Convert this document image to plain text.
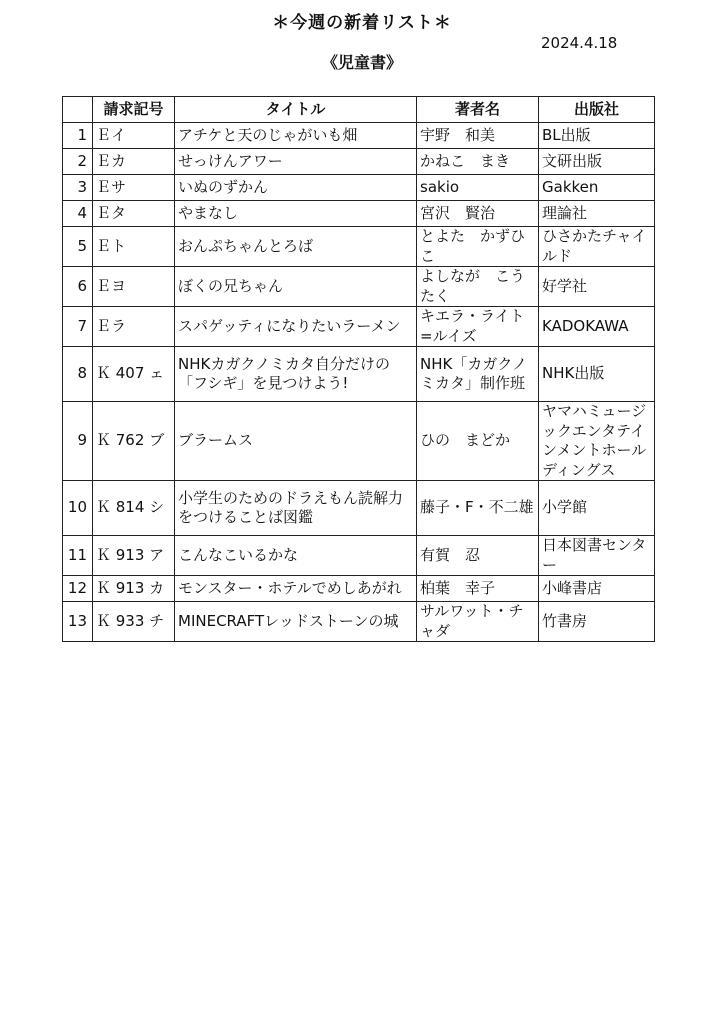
＊今週の新着リスト＊
2024.4.18
《児童書》
	請求記号	タイトル	著者名	出版社
1	Ｅイ	アチケと天のじゃがいも畑	宇野　和美	BL出版
2	Ｅカ	せっけんアワー	かねこ　まき	文研出版
3	Ｅサ	いぬのずかん	sakio	Gakken
4	Ｅタ	やまなし	宮沢　賢治	理論社
5	Ｅト	おんぷちゃんとろば	とよた　かずひこ	ひさかたチャイルド
6	Ｅヨ	ぼくの兄ちゃん	よしなが　こうたく	好学社
7	Ｅラ	スパゲッティになりたいラーメン	キエラ・ライト=ルイズ	KADOKAWA
8	Ｋ 407 ェ	NHKカガクノミカタ自分だけの「フシギ」を見つけよう!	NHK「カガクノミカタ」制作班	NHK出版
9	Ｋ 762 ブ	ブラームス	ひの　まどか	ヤマハミュージックエンタテインメントホールディングス
10	Ｋ 814 シ	小学生のためのドラえもん読解力をつけることば図鑑	藤子・F・不二雄	小学館
11	Ｋ 913 ア	こんなこいるかな	有賀　忍	日本図書センター
12	Ｋ 913 カ	モンスター・ホテルでめしあがれ	柏葉　幸子	小峰書店
13	Ｋ 933 チ	MINECRAFTレッドストーンの城	サルワット・チャダ	竹書房
